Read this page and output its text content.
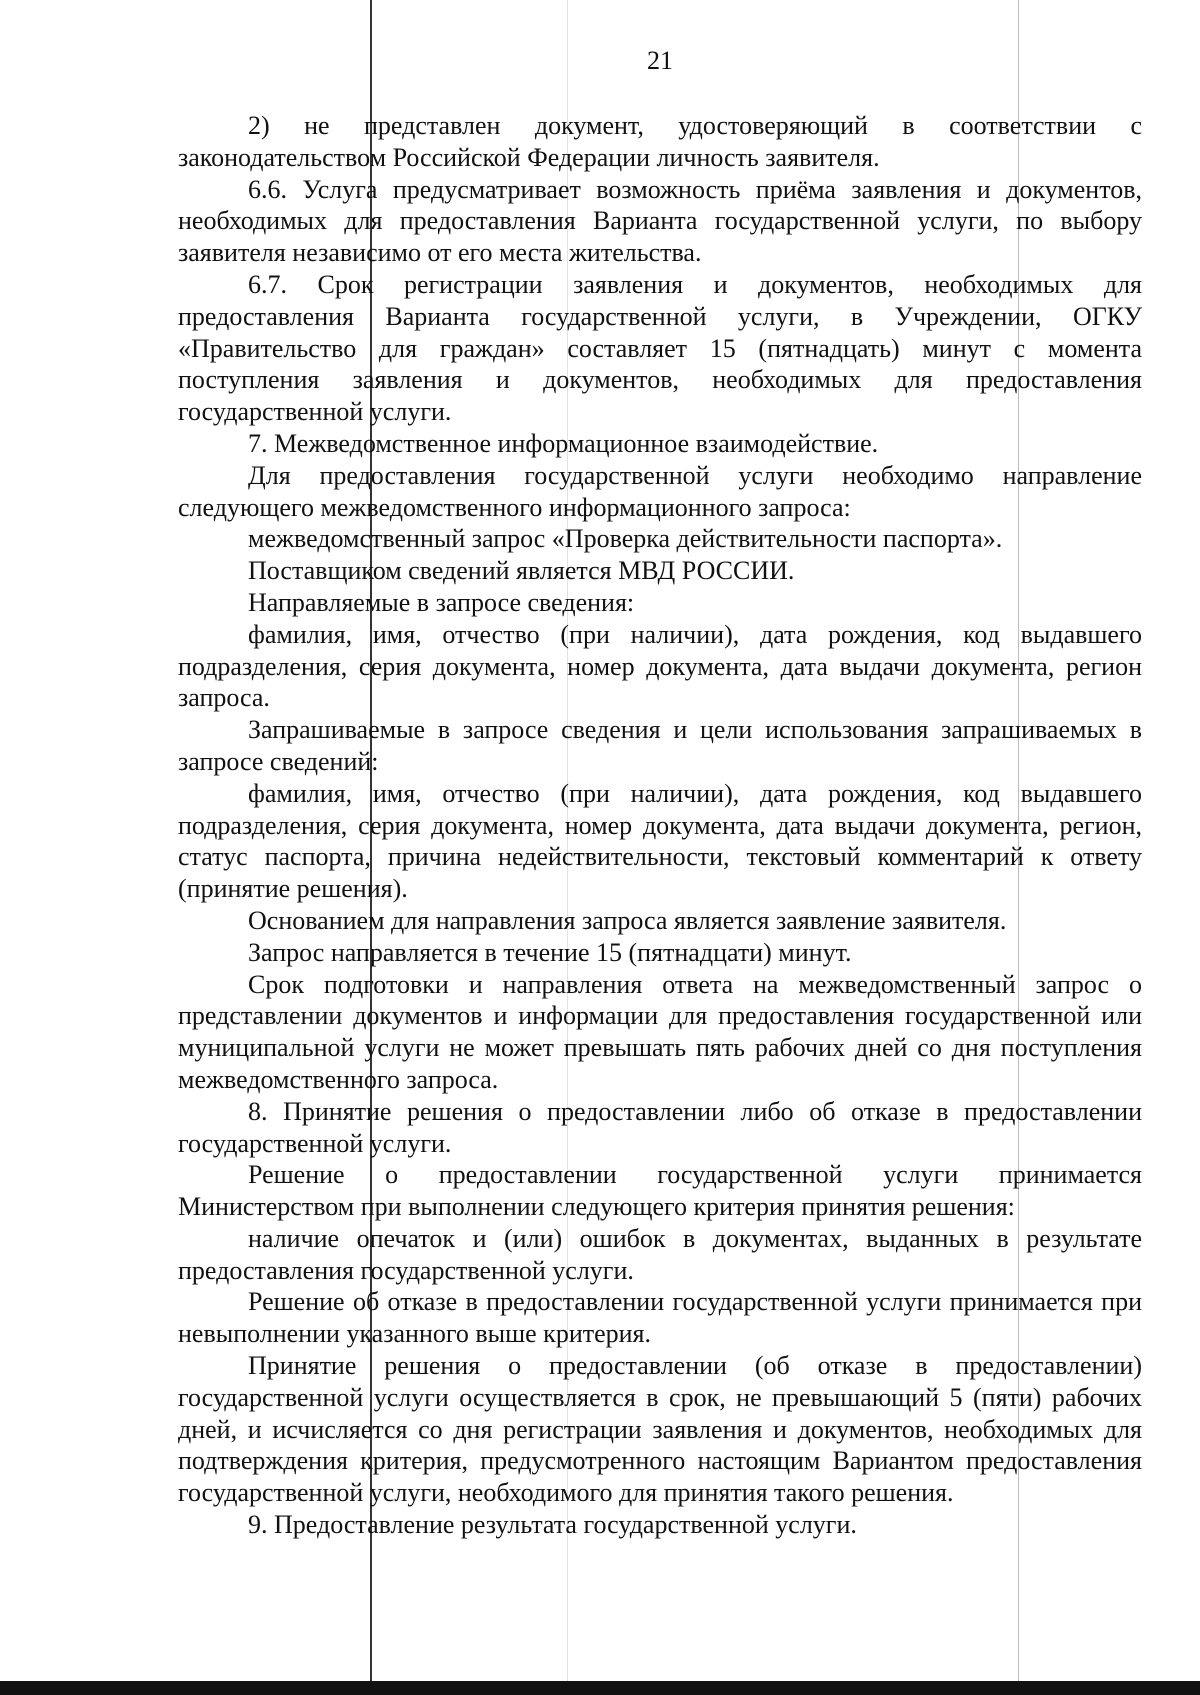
21

2) не представлен документ, удостоверяющий в соответствии с законодательством Российской Федерации личность заявителя.

6.6. Услуга предусматривает возможность приёма заявления и документов, необходимых для предоставления Варианта государственной услуги, по выбору заявителя независимо от его места жительства.

6.7. Срок регистрации заявления и документов, необходимых для предоставления Варианта государственной услуги, в Учреждении, ОГКУ «Правительство для граждан» составляет 15 (пятнадцать) минут с момента поступления заявления и документов, необходимых для предоставления государственной услуги.

7. Межведомственное информационное взаимодействие.

Для предоставления государственной услуги необходимо направление следующего межведомственного информационного запроса:

межведомственный запрос «Проверка действительности паспорта».

Поставщиком сведений является МВД РОССИИ.

Направляемые в запросе сведения:

фамилия, имя, отчество (при наличии), дата рождения, код выдавшего подразделения, серия документа, номер документа, дата выдачи документа, регион запроса.

Запрашиваемые в запросе сведения и цели использования запрашиваемых в запросе сведений:

фамилия, имя, отчество (при наличии), дата рождения, код выдавшего подразделения, серия документа, номер документа, дата выдачи документа, регион, статус паспорта, причина недействительности, текстовый комментарий к ответу (принятие решения).

Основанием для направления запроса является заявление заявителя.

Запрос направляется в течение 15 (пятнадцати) минут.

Срок подготовки и направления ответа на межведомственный запрос о представлении документов и информации для предоставления государственной или муниципальной услуги не может превышать пять рабочих дней со дня поступления межведомственного запроса.

8. Принятие решения о предоставлении либо об отказе в предоставлении государственной услуги.

Решение о предоставлении государственной услуги принимается Министерством при выполнении следующего критерия принятия решения:

наличие опечаток и (или) ошибок в документах, выданных в результате предоставления государственной услуги.

Решение об отказе в предоставлении государственной услуги принимается при невыполнении указанного выше критерия.

Принятие решения о предоставлении (об отказе в предоставлении) государственной услуги осуществляется в срок, не превышающий 5 (пяти) рабочих дней, и исчисляется со дня регистрации заявления и документов, необходимых для подтверждения критерия, предусмотренного настоящим Вариантом предоставления государственной услуги, необходимого для принятия такого решения.

9. Предоставление результата государственной услуги.
